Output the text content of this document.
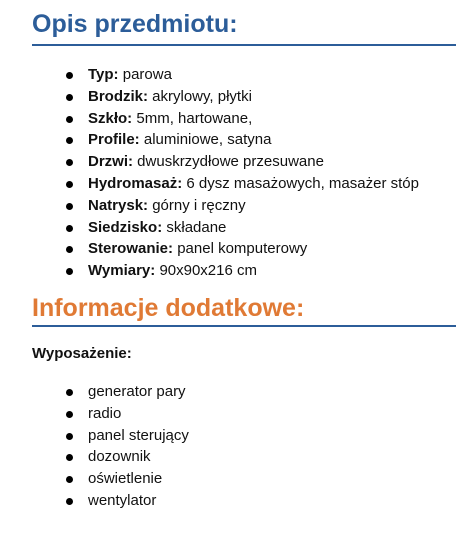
Opis przedmiotu:
Typ: parowa
Brodzik: akrylowy, płytki
Szkło: 5mm, hartowane,
Profile: aluminiowe, satyna
Drzwi: dwuskrzydłowe przesuwane
Hydromasaż: 6 dysz masażowych, masażer stóp
Natrysk: górny i ręczny
Siedzisko: składane
Sterowanie: panel komputerowy
Wymiary: 90x90x216 cm
Informacje dodatkowe:

Wyposażenie:

generator pary
radio
panel sterujący
dozownik
oświetlenie
wentylator
